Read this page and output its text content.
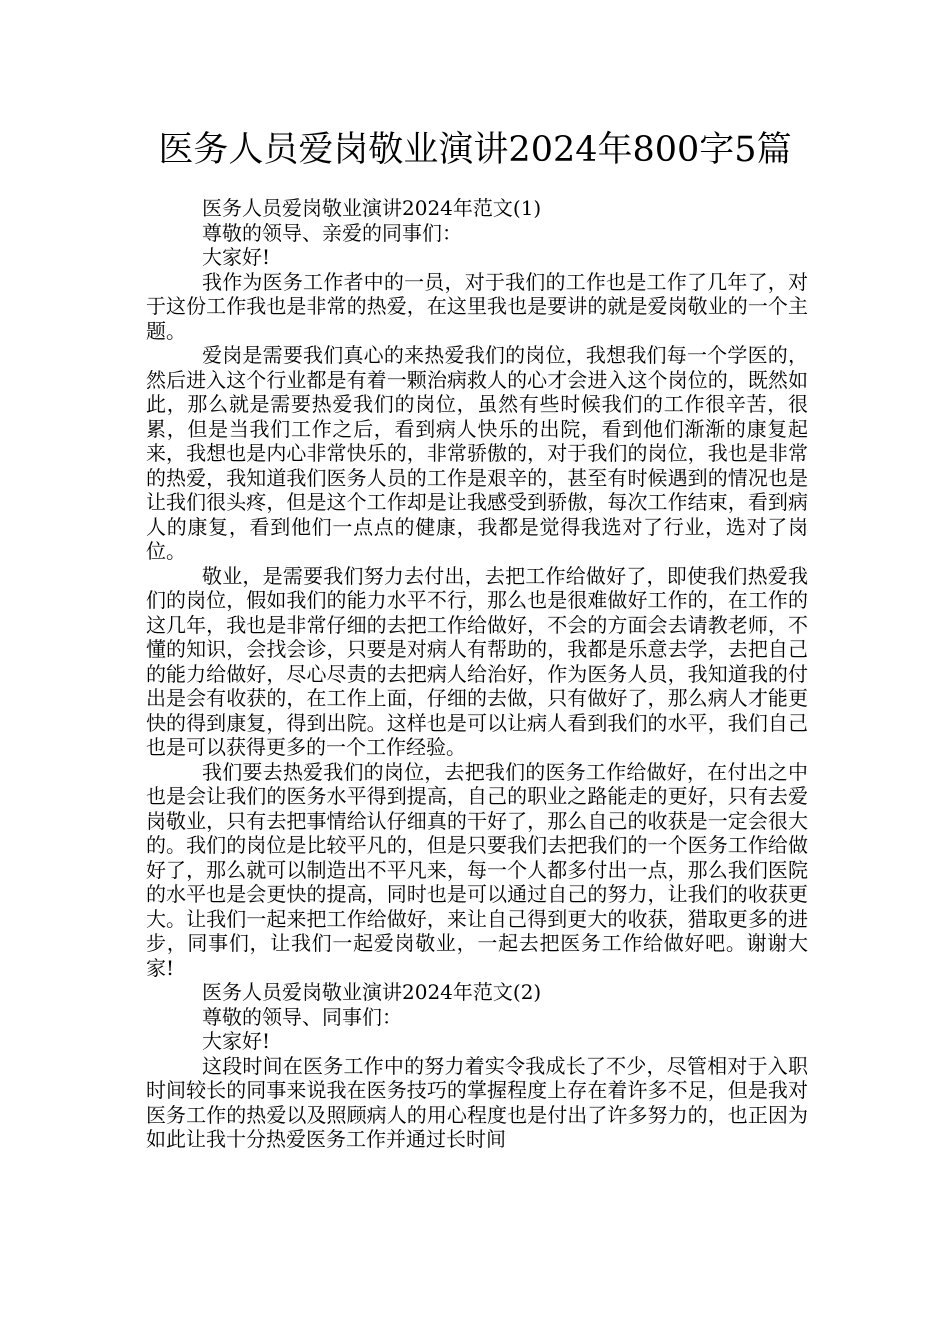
医务人员爱岗敬业演讲2024年800字5篇

医务人员爱岗敬业演讲2024年范文(1)

尊敬的领导、亲爱的同事们：

大家好!

我作为医务工作者中的一员，对于我们的工作也是工作了几年了，对于这份工作我也是非常的热爱，在这里我也是要讲的就是爱岗敬业的一个主题。

爱岗是需要我们真心的来热爱我们的岗位，我想我们每一个学医的，然后进入这个行业都是有着一颗治病救人的心才会进入这个岗位的，既然如此，那么就是需要热爱我们的岗位，虽然有些时候我们的工作很辛苦，很累，但是当我们工作之后，看到病人快乐的出院，看到他们渐渐的康复起来，我想也是内心非常快乐的，非常骄傲的，对于我们的岗位，我也是非常的热爱，我知道我们医务人员的工作是艰辛的，甚至有时候遇到的情况也是让我们很头疼，但是这个工作却是让我感受到骄傲，每次工作结束，看到病人的康复，看到他们一点点的健康，我都是觉得我选对了行业，选对了岗位。

敬业，是需要我们努力去付出，去把工作给做好了，即使我们热爱我们的岗位，假如我们的能力水平不行，那么也是很难做好工作的，在工作的这几年，我也是非常仔细的去把工作给做好，不会的方面会去请教老师，不懂的知识，会找会诊，只要是对病人有帮助的，我都是乐意去学，去把自己的能力给做好，尽心尽责的去把病人给治好，作为医务人员，我知道我的付出是会有收获的，在工作上面，仔细的去做，只有做好了，那么病人才能更快的得到康复，得到出院。这样也是可以让病人看到我们的水平，我们自己也是可以获得更多的一个工作经验。

我们要去热爱我们的岗位，去把我们的医务工作给做好，在付出之中也是会让我们的医务水平得到提高，自己的职业之路能走的更好，只有去爱岗敬业，只有去把事情给认仔细真的干好了，那么自己的收获是一定会很大的。我们的岗位是比较平凡的，但是只要我们去把我们的一个医务工作给做好了，那么就可以制造出不平凡来，每一个人都多付出一点，那么我们医院的水平也是会更快的提高，同时也是可以通过自己的努力，让我们的收获更大。让我们一起来把工作给做好，来让自己得到更大的收获，猎取更多的进步，同事们，让我们一起爱岗敬业，一起去把医务工作给做好吧。谢谢大家!

医务人员爱岗敬业演讲2024年范文(2)

尊敬的领导、同事们：

大家好!

这段时间在医务工作中的努力着实令我成长了不少，尽管相对于入职时间较长的同事来说我在医务技巧的掌握程度上存在着许多不足，但是我对医务工作的热爱以及照顾病人的用心程度也是付出了许多努力的，也正因为如此让我十分热爱医务工作并通过长时间
